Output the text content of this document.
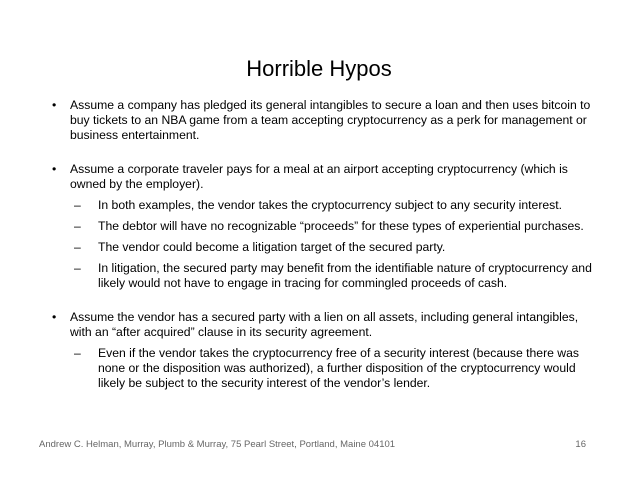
Horrible Hypos

• Assume a company has pledged its general intangibles to secure a loan and then uses bitcoin to buy tickets to an NBA game from a team accepting cryptocurrency as a perk for management or business entertainment.

• Assume a corporate traveler pays for a meal at an airport accepting cryptocurrency (which is owned by the employer).

– In both examples, the vendor takes the cryptocurrency subject to any security interest.

– The debtor will have no recognizable “proceeds” for these types of experiential purchases.

– The vendor could become a litigation target of the secured party.

– In litigation, the secured party may benefit from the identifiable nature of cryptocurrency and likely would not have to engage in tracing for commingled proceeds of cash.

• Assume the vendor has a secured party with a lien on all assets, including general intangibles, with an “after acquired” clause in its security agreement.

– Even if the vendor takes the cryptocurrency free of a security interest (because there was none or the disposition was authorized), a further disposition of the cryptocurrency would likely be subject to the security interest of the vendor’s lender.

Andrew C. Helman, Murray, Plumb & Murray, 75 Pearl Street, Portland, Maine 04101	16
